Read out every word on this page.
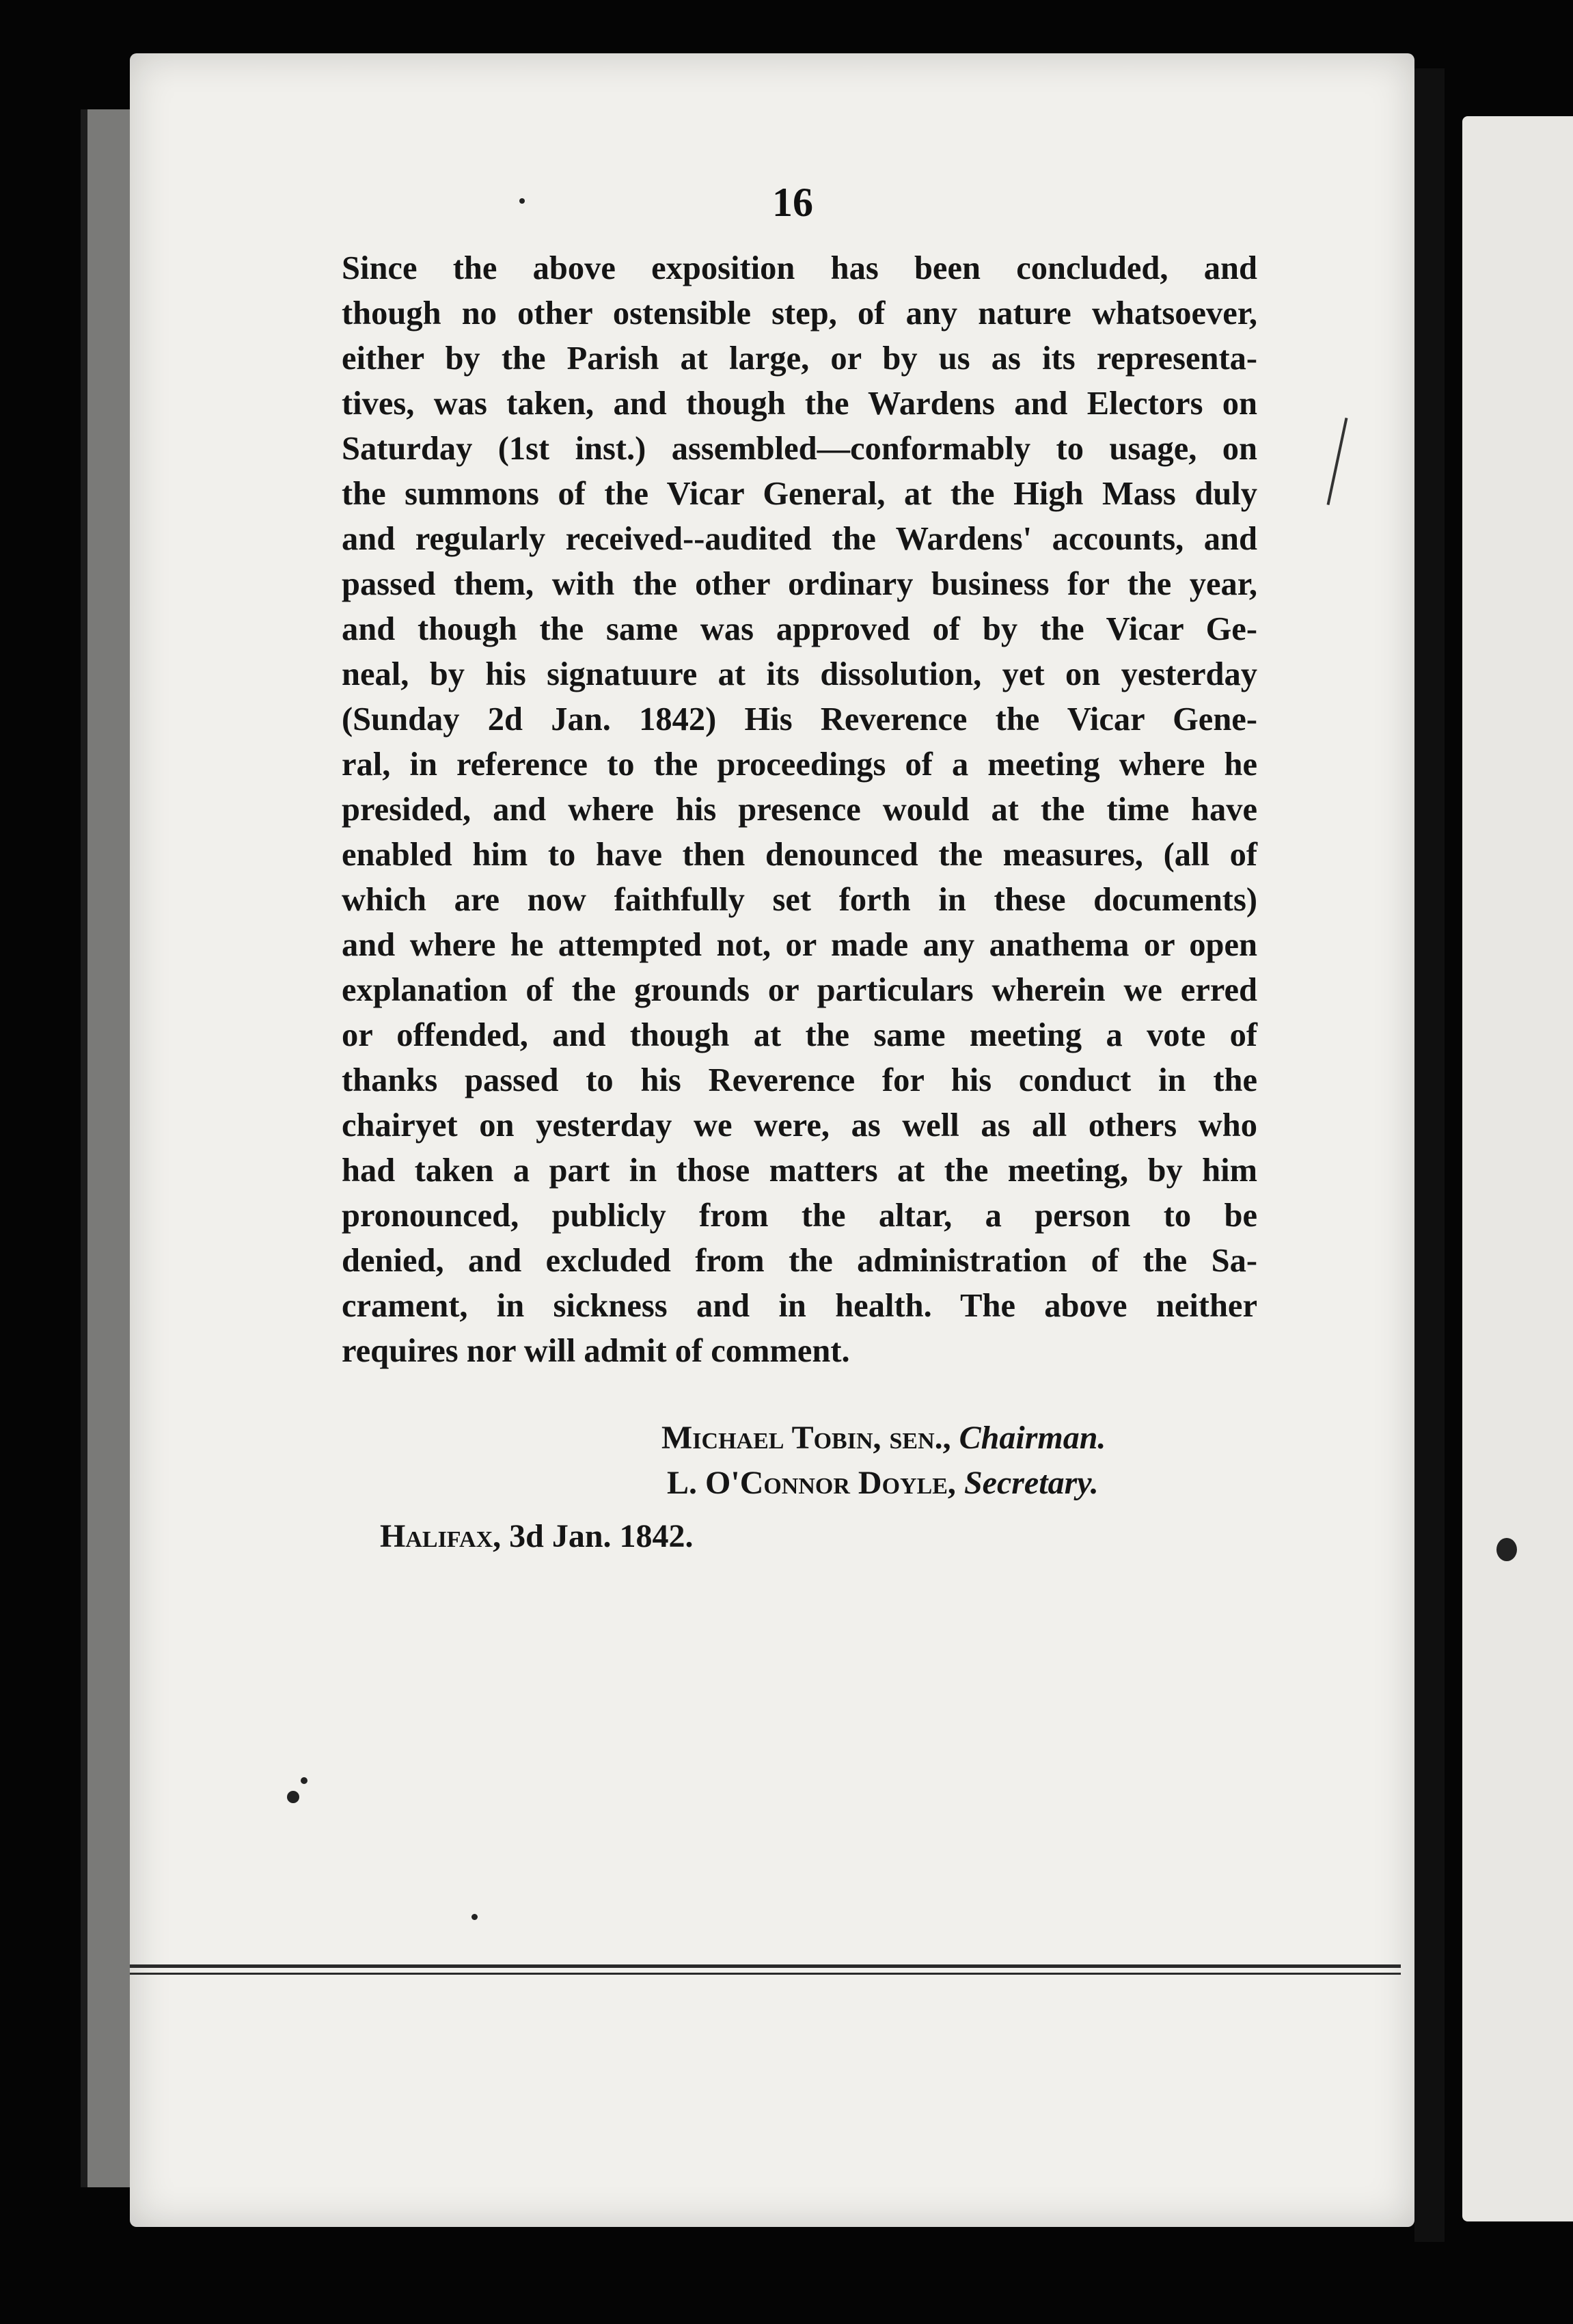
16
Since the above exposition has been concluded, and
though no other ostensible step, of any nature whatsoever,
either by the Parish at large, or by us as its representa-
tives, was taken, and though the Wardens and Electors on
Saturday (1st inst.) assembled—conformably to usage, on
the summons of the Vicar General, at the High Mass duly
and regularly received--audited the Wardens' accounts, and
passed them, with the other ordinary business for the year,
and though the same was approved of by the Vicar Ge-
neal, by his signatuure at its dissolution, yet on yesterday
(Sunday 2d Jan. 1842) His Reverence the Vicar Gene-
ral, in reference to the proceedings of a meeting where he
presided, and where his presence would at the time have
enabled him to have then denounced the measures, (all of
which are now faithfully set forth in these documents)
and where he attempted not, or made any anathema or open
explanation of the grounds or particulars wherein we erred
or offended, and though at the same meeting a vote of
thanks passed to his Reverence for his conduct in the
chairyet on yesterday we were, as well as all others who
had taken a part in those matters at the meeting, by him
pronounced, publicly from the altar, a person to be
denied, and excluded from the administration of the Sa-
crament, in sickness and in health. The above neither
requires nor will admit of comment.
Michael Tobin, sen., Chairman.
L. O'Connor Doyle, Secretary.
Halifax, 3d Jan. 1842.
